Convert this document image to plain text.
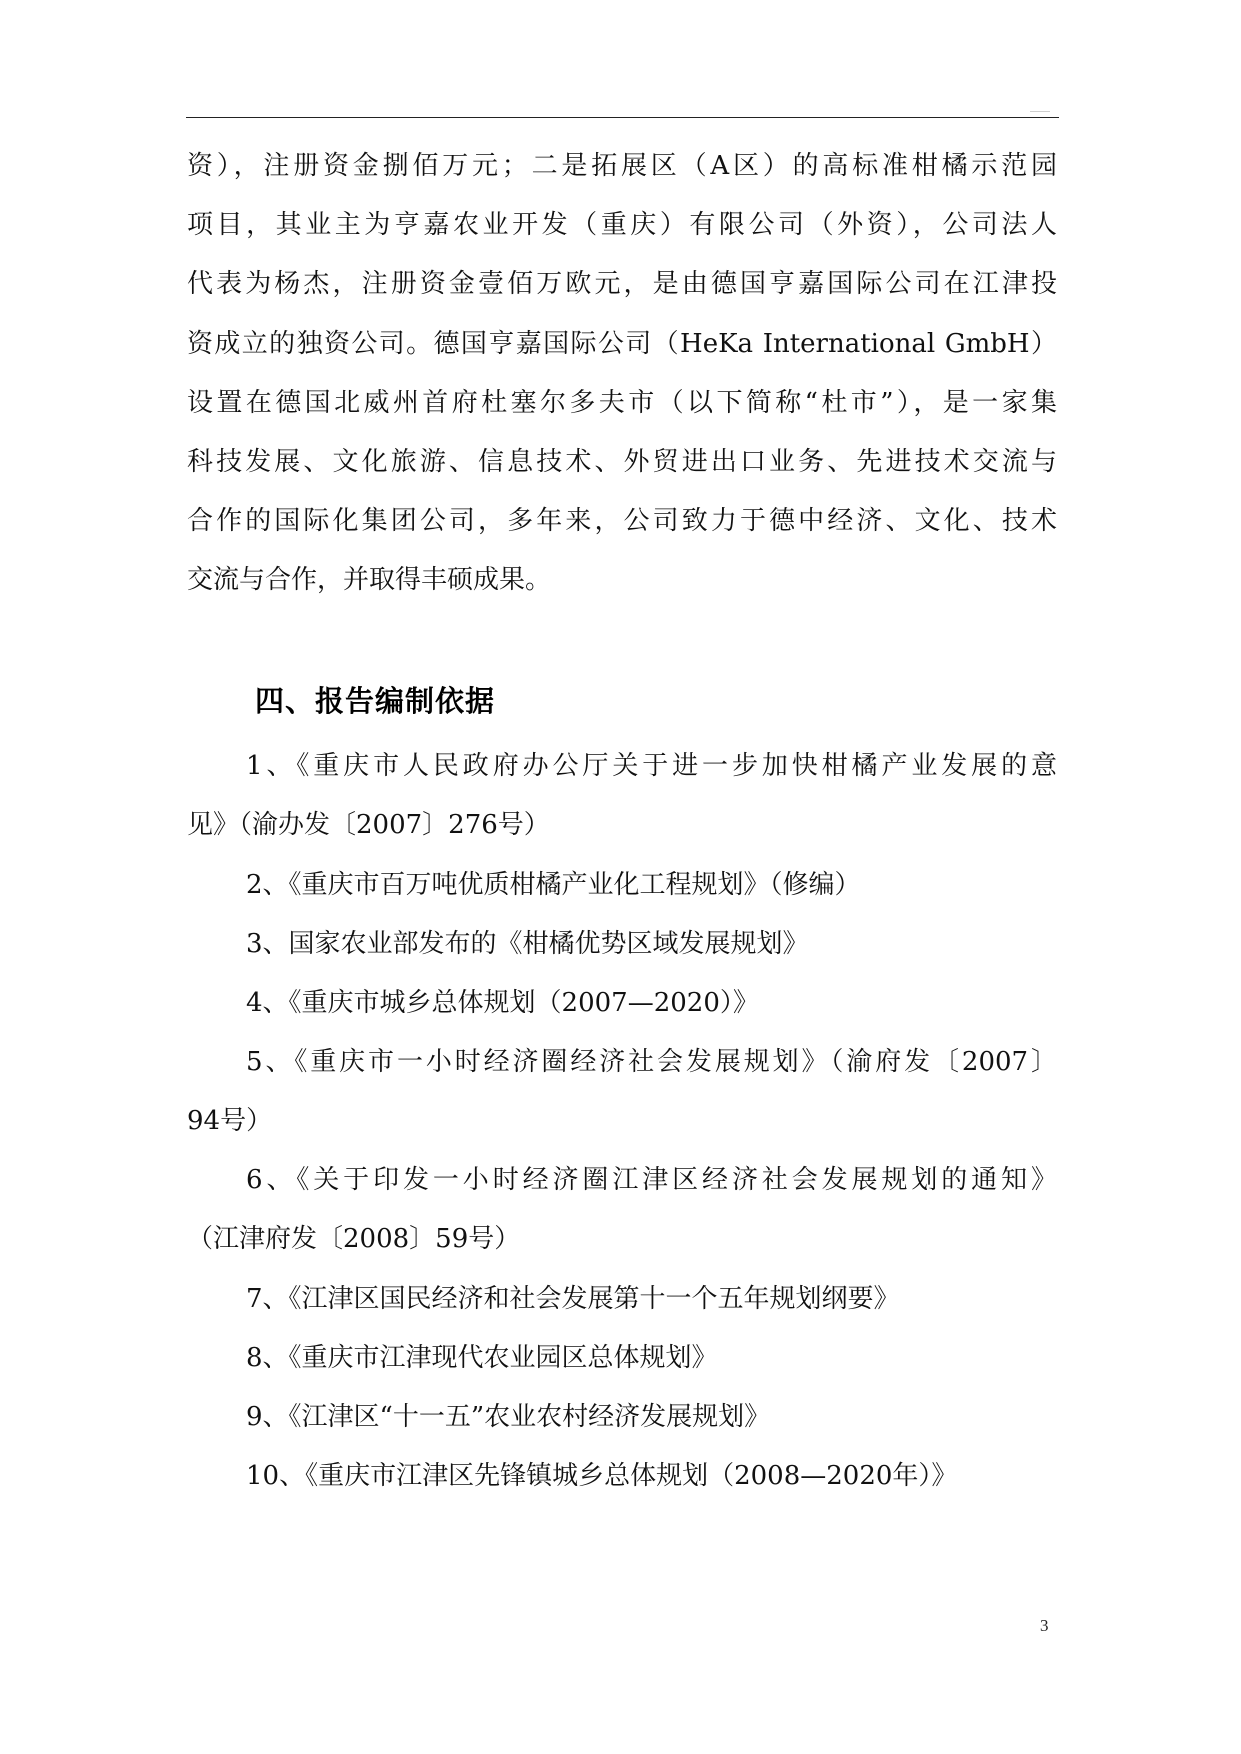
资），注册资金捌佰万元；二是拓展区（A区）的高标准柑橘示范园
项目，其业主为亨嘉农业开发（重庆）有限公司（外资），公司法人
代表为杨杰，注册资金壹佰万欧元，是由德国亨嘉国际公司在江津投
资成立的独资公司。德国亨嘉国际公司（HeKa International GmbH）
设置在德国北威州首府杜塞尔多夫市（以下简称“杜市”），是一家集
科技发展、文化旅游、信息技术、外贸进出口业务、先进技术交流与
合作的国际化集团公司，多年来，公司致力于德中经济、文化、技术
交流与合作，并取得丰硕成果。
四、报告编制依据
1、《重庆市人民政府办公厅关于进一步加快柑橘产业发展的意
见》（渝办发〔2007〕276号）
2、《重庆市百万吨优质柑橘产业化工程规划》（修编）
3、国家农业部发布的《柑橘优势区域发展规划》
4、《重庆市城乡总体规划（2007—2020）》
5、《重庆市一小时经济圈经济社会发展规划》（渝府发〔2007〕
94号）
6、《关于印发一小时经济圈江津区经济社会发展规划的通知》
（江津府发〔2008〕59号）
7、《江津区国民经济和社会发展第十一个五年规划纲要》
8、《重庆市江津现代农业园区总体规划》
9、《江津区“十一五”农业农村经济发展规划》
10、《重庆市江津区先锋镇城乡总体规划（2008—2020年）》
3
